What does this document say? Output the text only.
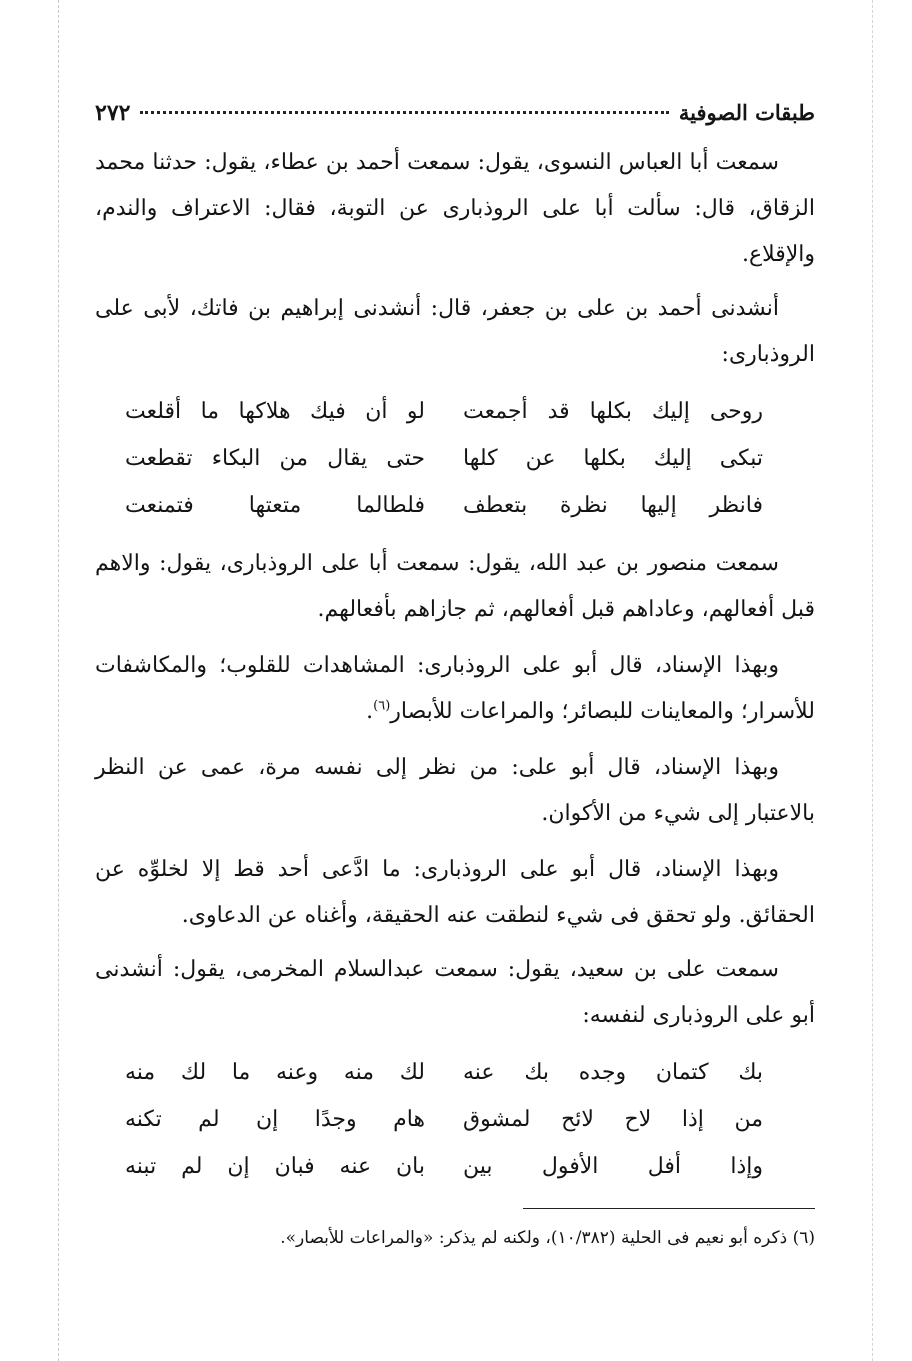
طبقات الصوفية
٢٧٢

سمعت أبا العباس النسوى، يقول: سمعت أحمد بن عطاء، يقول: حدثنا محمد الزقاق، قال: سألت أبا على الروذبارى عن التوبة، فقال: الاعتراف والندم، والإقلاع.

أنشدنى أحمد بن على بن جعفر، قال: أنشدنى إبراهيم بن فاتك، لأبى على الروذبارى:

روحى إليك بكلها قد أجمعت
لو أن فيك هلاكها ما أقلعت
تبكى إليك بكلها عن كلها
حتى يقال من البكاء تقطعت
فانظر إليها نظرة بتعطف
فلطالما متعتها فتمنعت

سمعت منصور بن عبد الله، يقول: سمعت أبا على الروذبارى، يقول: والاهم قبل أفعالهم، وعاداهم قبل أفعالهم، ثم جازاهم بأفعالهم.

وبهذا الإسناد، قال أبو على الروذبارى: المشاهدات للقلوب؛ والمكاشفات للأسرار؛ والمعاينات للبصائر؛ والمراعات للأبصار$^{(٦)}$.

وبهذا الإسناد، قال أبو على: من نظر إلى نفسه مرة، عمى عن النظر بالاعتبار إلى شيء من الأكوان.

وبهذا الإسناد، قال أبو على الروذبارى: ما ادَّعى أحد قط إلا لخلوِّه عن الحقائق. ولو تحقق فى شيء لنطقت عنه الحقيقة، وأغناه عن الدعاوى.

سمعت على بن سعيد، يقول: سمعت عبدالسلام المخرمى، يقول: أنشدنى أبو على الروذبارى لنفسه:

بك كتمان وجده بك عنه
لك منه وعنه ما لك منه
من إذا لاح لائح لمشوق
هام وجدًا إن لم تكنه
وإذا أفل الأفول بين
بان عنه فبان إن لم تبنه
(٦) ذكره أبو نعيم فى الحلية (١٠/٣٨٢)، ولكنه لم يذكر: «والمراعات للأبصار».
